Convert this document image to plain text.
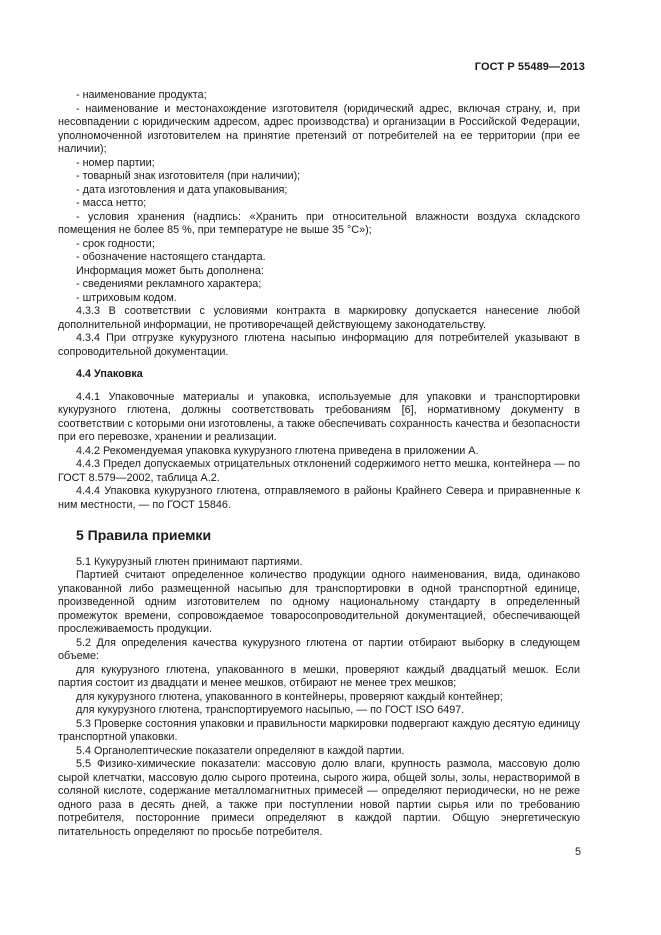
ГОСТ Р 55489—2013

- наименование продукта;

- наименование и местонахождение изготовителя (юридический адрес, включая страну, и, при несовпадении с юридическим адресом, адрес производства) и организации в Российской Федерации, уполномоченной изготовителем на принятие претензий от потребителей на ее территории (при ее наличии);

- номер партии;

- товарный знак изготовителя (при наличии);

- дата изготовления и дата упаковывания;

- масса нетто;

- условия хранения (надпись: «Хранить при относительной влажности воздуха складского помещения не более 85 %, при температуре не выше 35 °C»);

- срок годности;

- обозначение настоящего стандарта.

Информация может быть дополнена:

- сведениями рекламного характера;

- штриховым кодом.

4.3.3 В соответствии с условиями контракта в маркировку допускается нанесение любой дополнительной информации, не противоречащей действующему законодательству.

4.3.4 При отгрузке кукурузного глютена насыпью информацию для потребителей указывают в сопроводительной документации.

4.4 Упаковка

4.4.1 Упаковочные материалы и упаковка, используемые для упаковки и транспортировки кукурузного глютена, должны соответствовать требованиям [6], нормативному документу в соответствии с которыми они изготовлены, а также обеспечивать сохранность качества и безопасности при его перевозке, хранении и реализации.

4.4.2 Рекомендуемая упаковка кукурузного глютена приведена в приложении А.

4.4.3 Предел допускаемых отрицательных отклонений содержимого нетто мешка, контейнера — по ГОСТ 8.579—2002, таблица А.2.

4.4.4 Упаковка кукурузного глютена, отправляемого в районы Крайнего Севера и приравненные к ним местности, — по ГОСТ 15846.

5 Правила приемки

5.1 Кукурузный глютен принимают партиями.

Партией считают определенное количество продукции одного наименования, вида, одинаково упакованной либо размещенной насыпью для транспортировки в одной транспортной единице, произведенной одним изготовителем по одному национальному стандарту в определенный промежуток времени, сопровождаемое товаросопроводительной документацией, обеспечивающей прослеживаемость продукции.

5.2 Для определения качества кукурузного глютена от партии отбирают выборку в следующем объеме:

для кукурузного глютена, упакованного в мешки, проверяют каждый двадцатый мешок. Если партия состоит из двадцати и менее мешков, отбирают не менее трех мешков;

для кукурузного глютена, упакованного в контейнеры, проверяют каждый контейнер;

для кукурузного глютена, транспортируемого насыпью, — по ГОСТ ISO 6497.

5.3 Проверке состояния упаковки и правильности маркировки подвергают каждую десятую единицу транспортной упаковки.

5.4 Органолептические показатели определяют в каждой партии.

5.5 Физико-химические показатели: массовую долю влаги, крупность размола, массовую долю сырой клетчатки, массовую долю сырого протеина, сырого жира, общей золы, золы, нерастворимой в соляной кислоте, содержание металломагнитных примесей — определяют периодически, но не реже одного раза в десять дней, а также при поступлении новой партии сырья или по требованию потребителя, посторонние примеси определяют в каждой партии. Общую энергетическую питательность определяют по просьбе потребителя.

5
